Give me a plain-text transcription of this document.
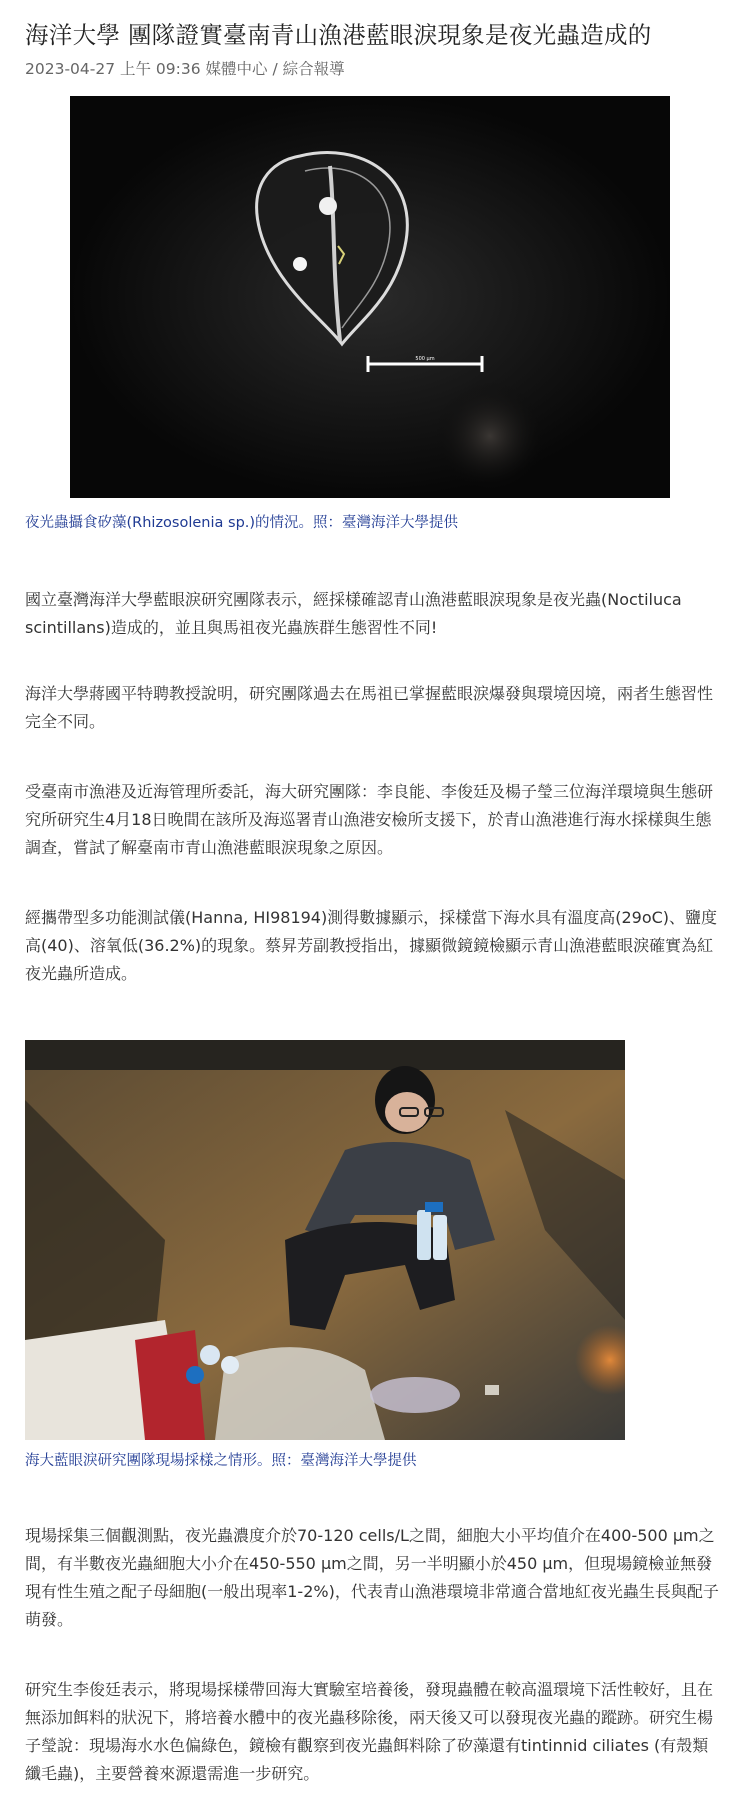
海洋大學 團隊證實臺南青山漁港藍眼淚現象是夜光蟲造成的
2023-04-27 上午 09:36 媒體中心 / 綜合報導
500 μm
夜光蟲攝食矽藻(Rhizosolenia sp.)的情況。照：臺灣海洋大學提供

國立臺灣海洋大學藍眼淚研究團隊表示，經採樣確認青山漁港藍眼淚現象是夜光蟲(Noctiluca scintillans)造成的，並且與馬祖夜光蟲族群生態習性不同!

海洋大學蔣國平特聘教授說明，研究團隊過去在馬祖已掌握藍眼淚爆發與環境因境，兩者生態習性完全不同。

受臺南市漁港及近海管理所委託，海大研究團隊：李良能、李俊廷及楊子瑩三位海洋環境與生態研究所研究生4月18日晚間在該所及海巡署青山漁港安檢所支援下，於青山漁港進行海水採樣與生態調查，嘗試了解臺南市青山漁港藍眼淚現象之原因。

經攜帶型多功能測試儀(Hanna, HI98194)測得數據顯示，採樣當下海水具有溫度高(29oC)、鹽度高(40)、溶氧低(36.2%)的現象。蔡昇芳副教授指出，據顯微鏡鏡檢顯示青山漁港藍眼淚確實為紅夜光蟲所造成。

海大藍眼淚研究團隊現場採樣之情形。照：臺灣海洋大學提供

現場採集三個觀測點，夜光蟲濃度介於70-120 cells/L之間，細胞大小平均值介在400-500 µm之間，有半數夜光蟲細胞大小介在450-550 µm之間，另一半明顯小於450 µm，但現場鏡檢並無發現有性生殖之配子母細胞(一般出現率1-2%)，代表青山漁港環境非常適合當地紅夜光蟲生長與配子萌發。

研究生李俊廷表示，將現場採樣帶回海大實驗室培養後，發現蟲體在較高溫環境下活性較好，且在無添加餌料的狀況下，將培養水體中的夜光蟲移除後，兩天後又可以發現夜光蟲的蹤跡。研究生楊子瑩說：現場海水水色偏綠色，鏡檢有觀察到夜光蟲餌料除了矽藻還有tintinnid ciliates (有殼類纖毛蟲)，主要營養來源還需進一步研究。
